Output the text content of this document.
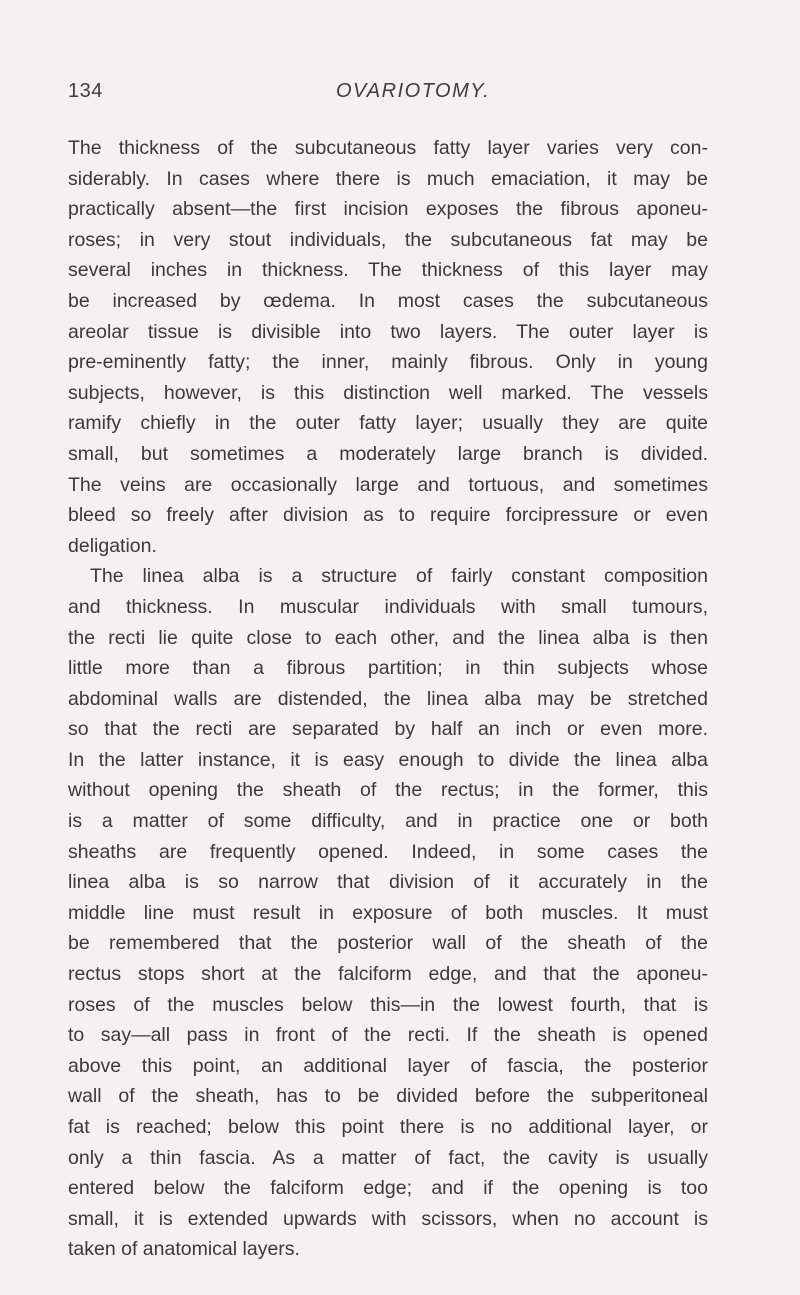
134	OVARIOTOMY.
The thickness of the subcutaneous fatty layer varies very con-
siderably. In cases where there is much emaciation, it may be
practically absent—the first incision exposes the fibrous aponeu-
roses; in very stout individuals, the subcutaneous fat may be
several inches in thickness. The thickness of this layer may
be increased by œdema. In most cases the subcutaneous
areolar tissue is divisible into two layers. The outer layer is
pre-eminently fatty; the inner, mainly fibrous. Only in young
subjects, however, is this distinction well marked. The vessels
ramify chiefly in the outer fatty layer; usually they are quite
small, but sometimes a moderately large branch is divided.
The veins are occasionally large and tortuous, and sometimes
bleed so freely after division as to require forcipressure or even
deligation.
The linea alba is a structure of fairly constant composition
and thickness. In muscular individuals with small tumours,
the recti lie quite close to each other, and the linea alba is then
little more than a fibrous partition; in thin subjects whose
abdominal walls are distended, the linea alba may be stretched
so that the recti are separated by half an inch or even more.
In the latter instance, it is easy enough to divide the linea alba
without opening the sheath of the rectus; in the former, this
is a matter of some difficulty, and in practice one or both
sheaths are frequently opened. Indeed, in some cases the
linea alba is so narrow that division of it accurately in the
middle line must result in exposure of both muscles. It must
be remembered that the posterior wall of the sheath of the
rectus stops short at the falciform edge, and that the aponeu-
roses of the muscles below this—in the lowest fourth, that is
to say—all pass in front of the recti. If the sheath is opened
above this point, an additional layer of fascia, the posterior
wall of the sheath, has to be divided before the subperitoneal
fat is reached; below this point there is no additional layer, or
only a thin fascia. As a matter of fact, the cavity is usually
entered below the falciform edge; and if the opening is too
small, it is extended upwards with scissors, when no account is
taken of anatomical layers.
